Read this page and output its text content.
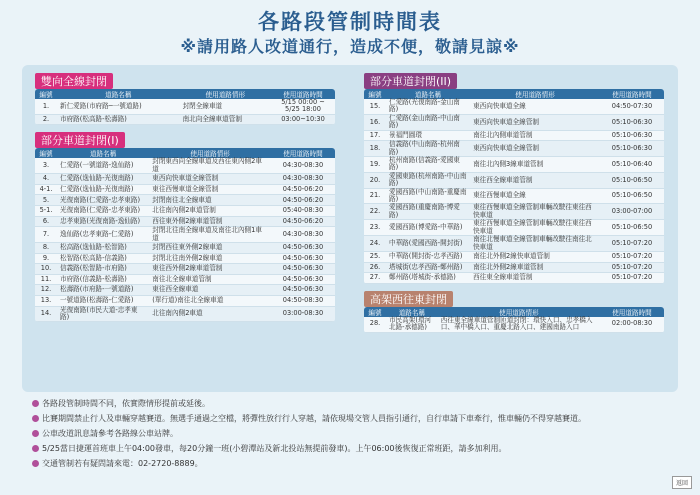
各路段管制時間表
※請用路人改道通行，造成不便，敬請見諒※
雙向全線封閉
編號	道路名稱	使用道路情形	使用道路時間
1.	新仁愛路(市府路─一號道路)	封閉全線車道	5/15 00:00 ~ 5/25 18:00
2.	市府路(松高路-松壽路)	南北向全線車道管制	03:00~10:30
部分車道封閉(I)
編號	道路名稱	使用道路情形	使用道路時間
3.	仁愛路(一號道路-逸仙路)	封閉東西向全線車道及西往東內側2車道	04:30-08:30
4.	仁愛路(逸仙路-光復南路)	東西向快車道全線管制	04:30-08:30
4-1.	仁愛路(逸仙路-光復南路)	東往西慢車道全線管制	04:50-06:20
5.	光復南路(仁愛路-忠孝東路)	封閉南往北全線車道	04:50-06:20
5-1.	光復南路(仁愛路-忠孝東路)	北往南內側2車道管制	05:40-08:30
6.	忠孝東路(光復南路-逸仙路)	西往東外側2線車道管制	04:50-06:20
7.	逸仙路(忠孝東路-仁愛路)	封閉北往南全線車道及南往北內側1車道	04:30-08:30
8.	松高路(逸仙路-松智路)	封閉西往東外側2線車道	04:50-06:30
9.	松智路(松高路-信義路)	封閉北往南外側2線車道	04:50-06:30
10.	信義路(松智路-市府路)	東往西外側2線車道管制	04:50-06:30
11.	市府路(信義路-松壽路)	南往北全線車道管制	04:50-06:30
12.	松壽路(市府路-一號道路)	東往西全線車道	04:50-06:30
13.	一號道路(松壽路-仁愛路)	(單行道)南往北全線車道	04:50-08:30
14.	光復南路(市民大道-忠孝東路)	北往南內側2車道	03:00-08:30
部分車道封閉(II)
編號	道路名稱	使用道路情形	使用道路時間
15.	仁愛路(光復南路-金山南路)	東西向快車道全線	04:50-07:30
16.	仁愛路(金山南路-中山南路)	東西向快車道全線管制	05:10-06:30
17.	景福門圓環	南往北內側車道管制	05:10-06:30
18.	信義路(中山南路-杭州南路)	東西向快車道全線管制	05:10-06:30
19.	杭州南路(信義路-愛國東路)	南往北內側3線車道管制	05:10-06:40
20.	愛國東路(杭州南路-中山南路)	東往西全線車道管制	05:10-06:50
21.	愛國西路(中山南路-重慶南路)	東往西慢車道全線	05:10-06:50
22.	愛國西路(重慶南路-博愛路)	東往西慢車道全線管制車輛改駛往東往西快車道	03:00-07:00
23.	愛國西路(博愛路-中華路)	東往西慢車道全線管制車輛改駛往東往西快車道	05:10-06:50
24.	中華路(愛國西路-開封街)	南往北慢車道全線管制車輛改駛往南往北快車道	05:10-07:20
25.	中華路(開封街-忠孝西路)	南往北外側2線快車道管制	05:10-07:20
26.	塔城街(忠孝西路-鄭州路)	南往北外側2線車道管制	05:10-07:20
27.	鄭州路(塔城街-承德路)	西往東全線車道管制	05:10-07:20
高架西往東封閉
編號	道路名稱	使用道路情形	使用道路時間
28.	市民高架(環河北路-承德路)	西往東全線車道管制匝道封閉：環快入口、忠孝橋入口、華中橋入口、重慶北路入口、建國南路入口	02:00-08:30
各路段管制時間不同，依實際情形提前或延後。
比賽期間禁止行人及車輛穿越賽道。無選手通過之空檔，將彈性放行行人穿越，請依現場交管人員指引通行，自行車請下車牽行，惟車輛仍不得穿越賽道。
公車改道訊息請參考各路線公車站牌。
5/25當日捷運首班車上午04:00發車，每20分鐘一班(小碧潭站及新北投站無提前發車)。上午06:00後恢復正常班距，請多加利用。
交通管制若有疑問請來電：02-2720-8889。
返回
